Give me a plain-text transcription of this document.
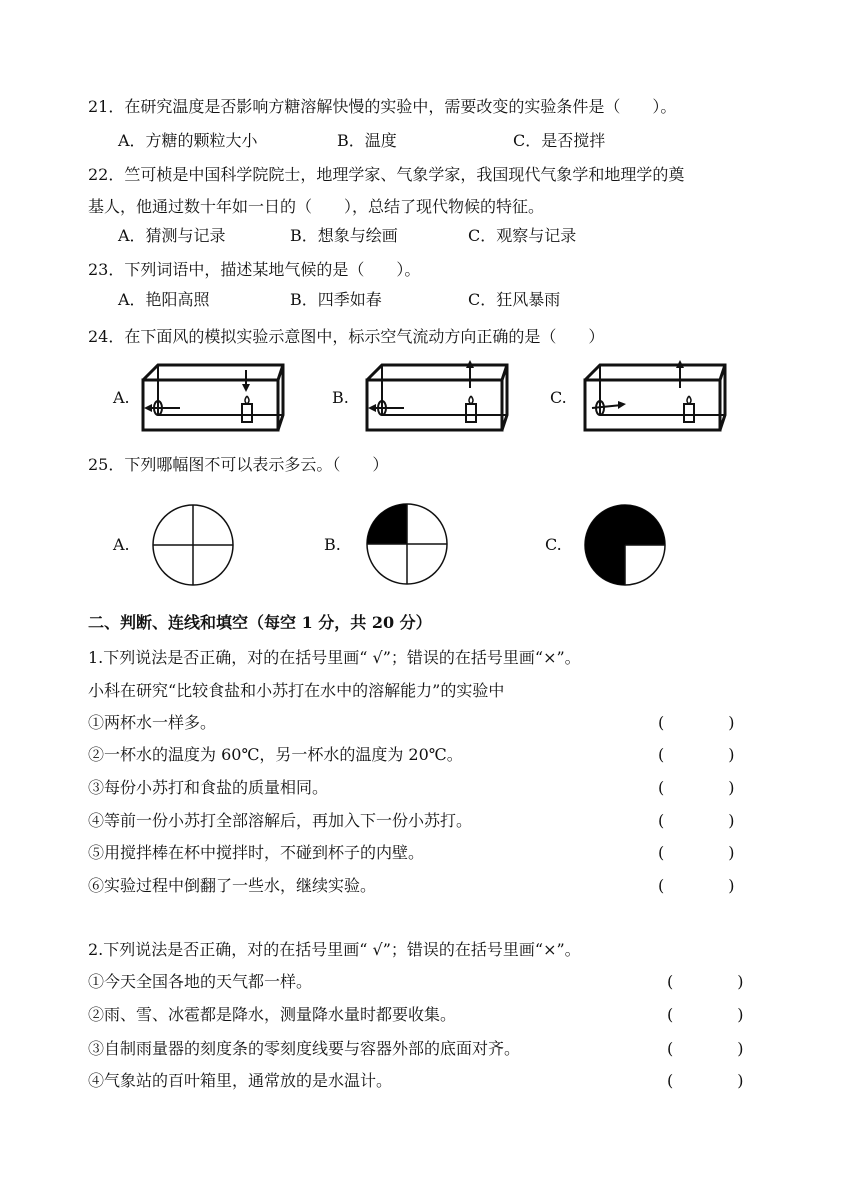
21．在研究温度是否影响方糖溶解快慢的实验中，需要改变的实验条件是（　　）。
A．方糖的颗粒大小	B．温度	C．是否搅拌
22．竺可桢是中国科学院院士，地理学家、气象学家，我国现代气象学和地理学的奠
基人，他通过数十年如一日的（　　），总结了现代物候的特征。
A．猜测与记录	B．想象与绘画	C．观察与记录
23．下列词语中，描述某地气候的是（　　）。
A．艳阳高照	B．四季如春	C．狂风暴雨
24．在下面风的模拟实验示意图中，标示空气流动方向正确的是（　　）
A.	B.	C.
25．下列哪幅图不可以表示多云。（　　）
A.	B.	C.
二、判断、连线和填空（每空 1 分，共 20 分）
1.下列说法是否正确，对的在括号里画“ √”；错误的在括号里画“×”。
小科在研究“比较食盐和小苏打在水中的溶解能力”的实验中
①两杯水一样多。	(　　　　)
②一杯水的温度为 60℃，另一杯水的温度为 20℃。	(　　　　)
③每份小苏打和食盐的质量相同。	(　　　　)
④等前一份小苏打全部溶解后，再加入下一份小苏打。	(　　　　)
⑤用搅拌棒在杯中搅拌时，不碰到杯子的内壁。	(　　　　)
⑥实验过程中倒翻了一些水，继续实验。	(　　　　)
2.下列说法是否正确，对的在括号里画“ √”；错误的在括号里画“×”。
①今天全国各地的天气都一样。	(　　　　)
②雨、雪、冰雹都是降水，测量降水量时都要收集。	(　　　　)
③自制雨量器的刻度条的零刻度线要与容器外部的底面对齐。	(　　　　)
④气象站的百叶箱里，通常放的是水温计。	(　　　　)
